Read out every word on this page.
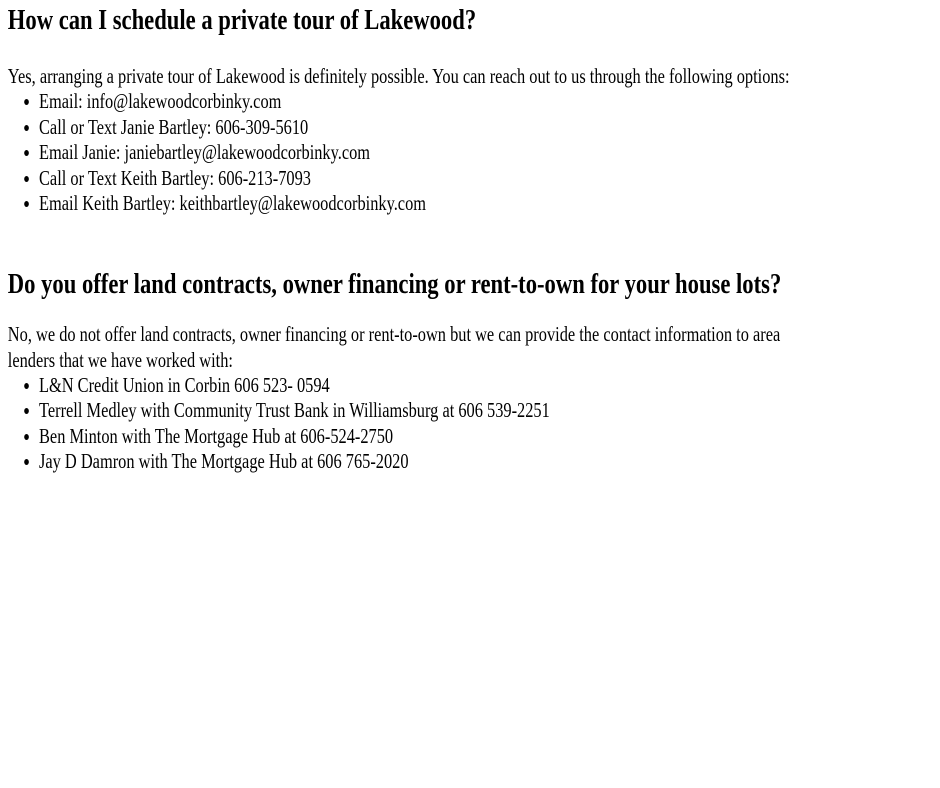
How can I schedule a private tour of Lakewood?

Yes, arranging a private tour of Lakewood is definitely possible. You can reach out to us through the following options:

• Email: info@lakewoodcorbinky.com
• Call or Text Janie Bartley: 606-309-5610
• Email Janie: janiebartley@lakewoodcorbinky.com
• Call or Text Keith Bartley: 606-213-7093
• Email Keith Bartley: keithbartley@lakewoodcorbinky.com
Do you offer land contracts, owner financing or rent-to-own for your house lots?

No, we do not offer land contracts, owner financing or rent-to-own but we can provide the contact information to area
lenders that we have worked with:

• L&N Credit Union in Corbin 606 523- 0594
• Terrell Medley with Community Trust Bank in Williamsburg at 606 539-2251
• Ben Minton with The Mortgage Hub at 606-524-2750
• Jay D Damron with The Mortgage Hub at 606 765-2020
